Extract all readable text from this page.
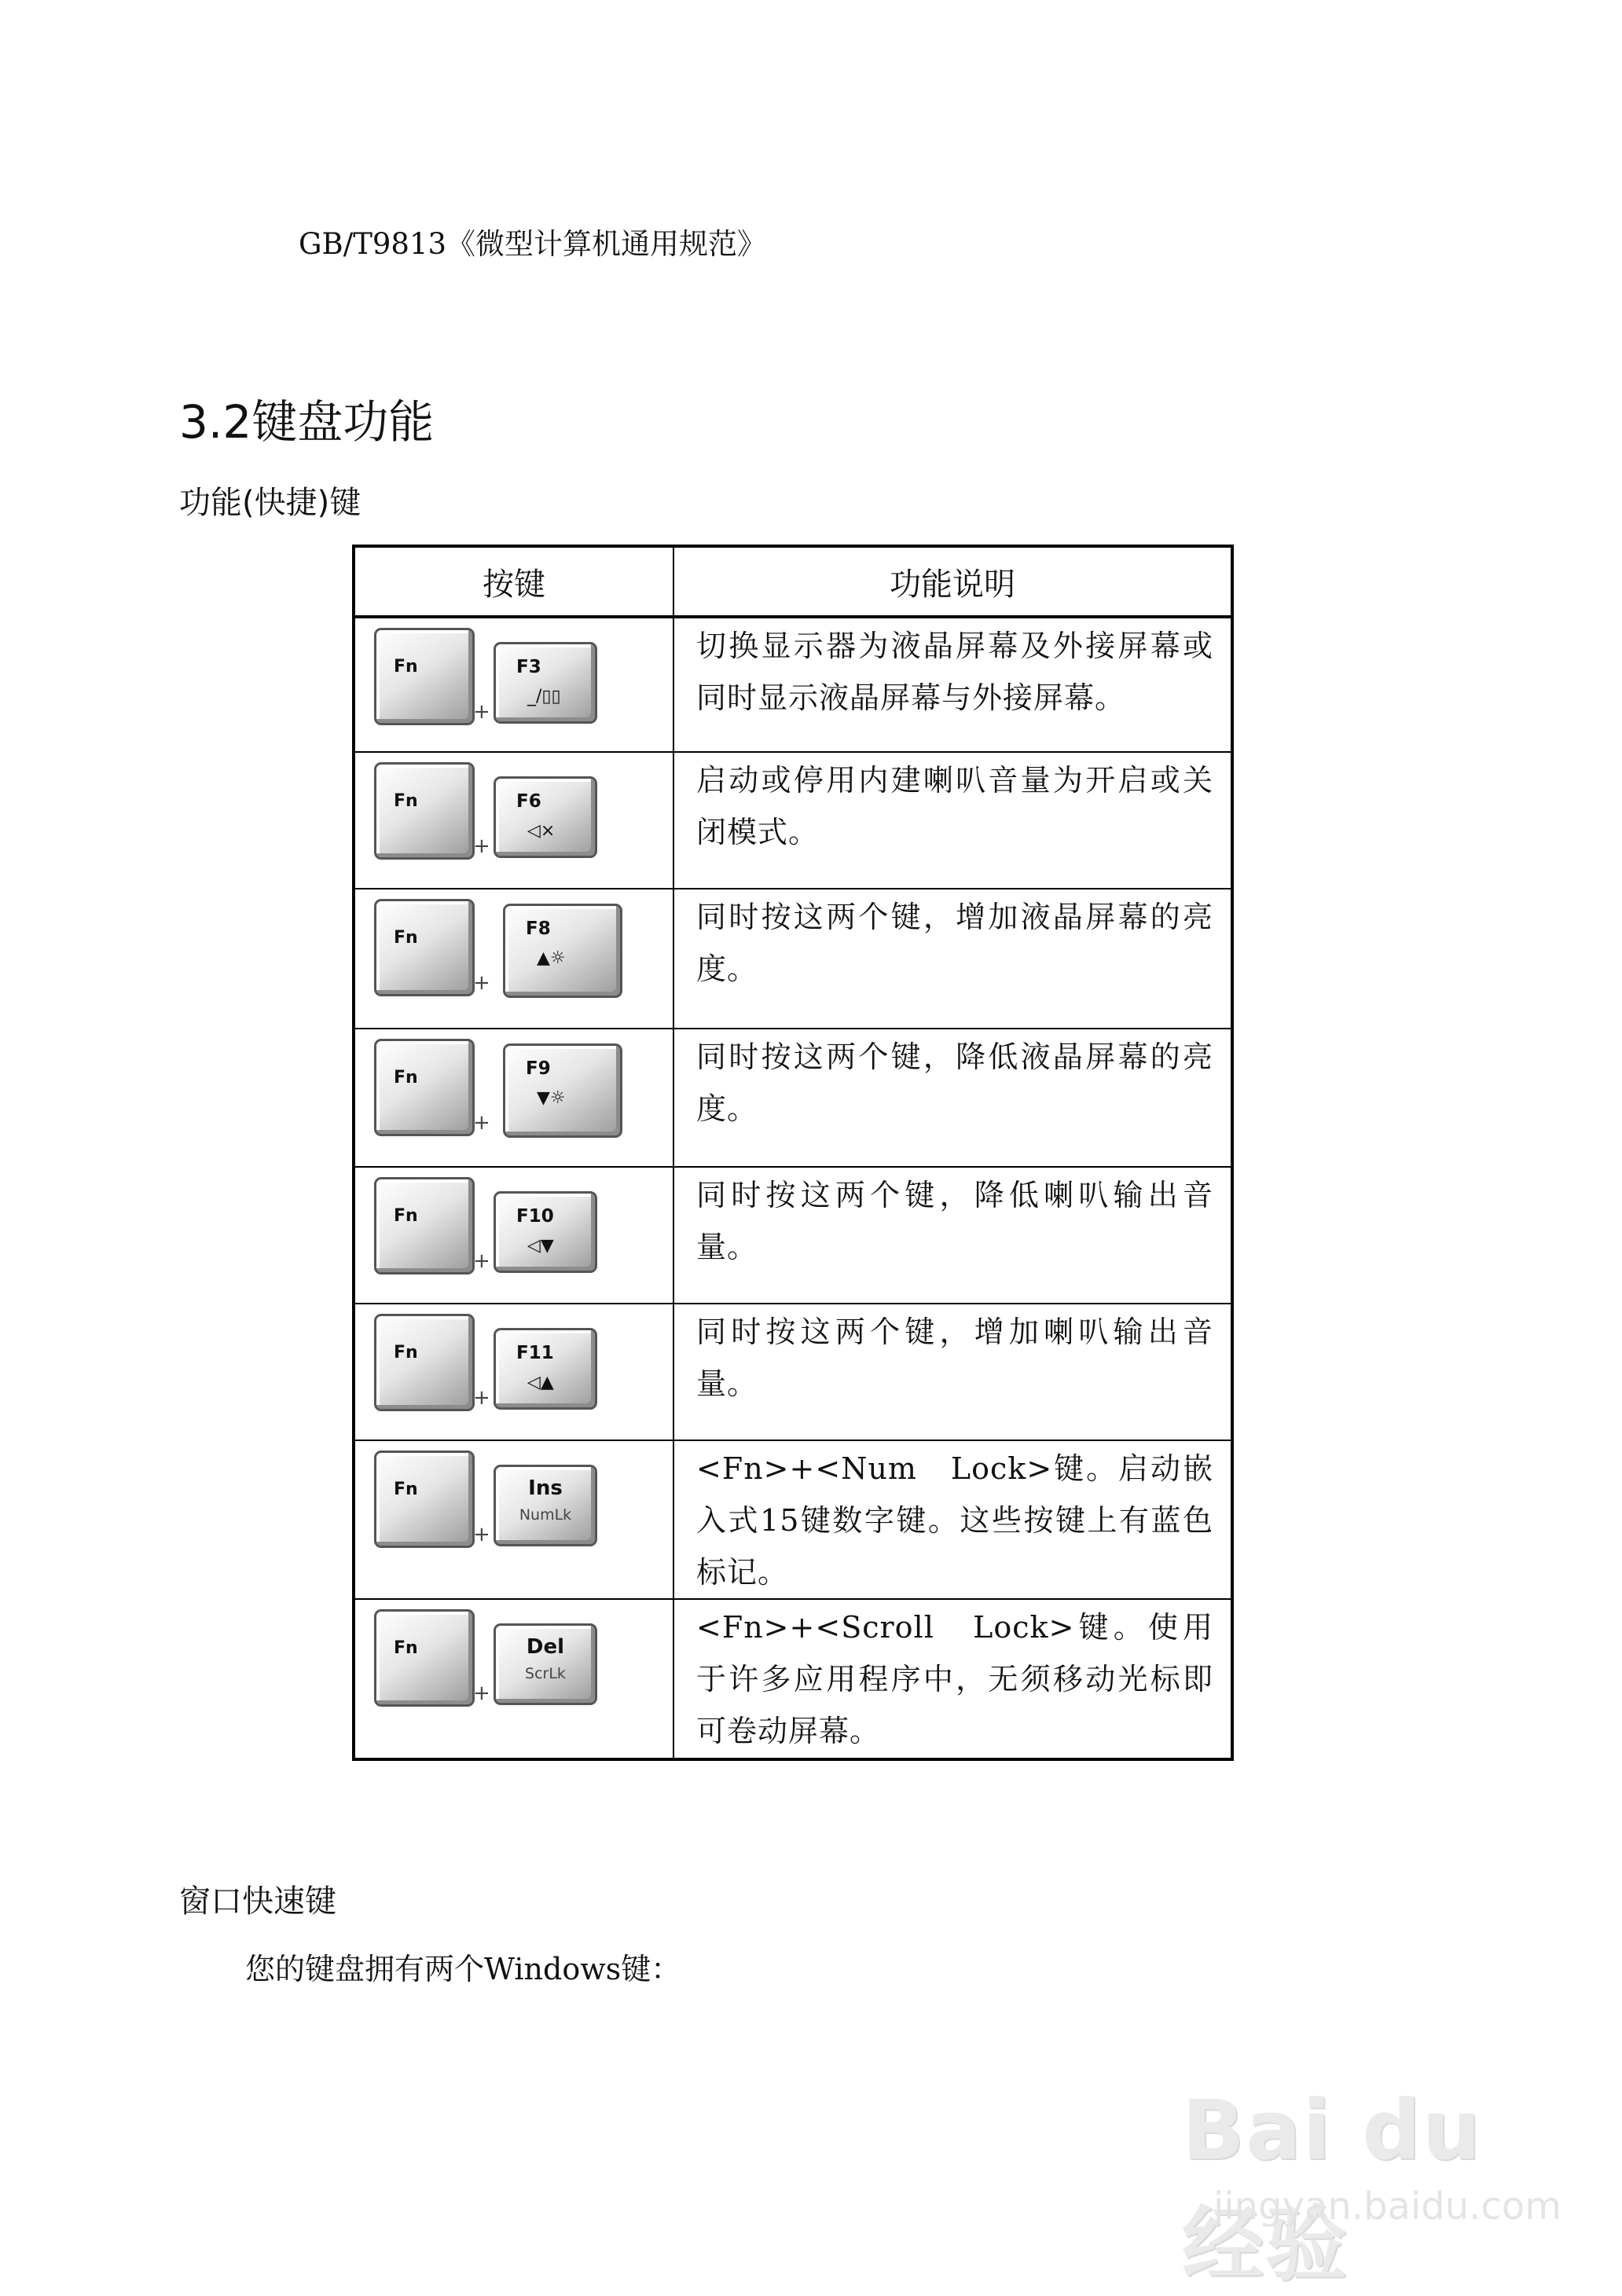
GB/T9813《微型计算机通用规范》
3.2键盘功能
功能(快捷)键
按键	功能说明

Fn
+
F3
_/▯▯	切换显示器为液晶屏幕及外接屏幕或同时显示液晶屏幕与外接屏幕。

Fn
+
F6
◁×	启动或停用内建喇叭音量为开启或关闭模式。

Fn
+
F8
▲☼	同时按这两个键，增加液晶屏幕的亮度。

Fn
+
F9
▼☼	同时按这两个键，降低液晶屏幕的亮度。

Fn
+
F10
◁▼	同时按这两个键，降低喇叭输出音量。

Fn
+
F11
◁▲	同时按这两个键，增加喇叭输出音量。

Fn
+
Ins
NumLk	<Fn>+<Num　Lock>键。启动嵌入式15键数字键。这些按键上有蓝色标记。

Fn
+
Del
ScrLk	<Fn>+<Scroll　Lock>键。使用于许多应用程序中，无须移动光标即可卷动屏幕。
窗口快速键
您的键盘拥有两个Windows键：
Bai du 经验
jingyan.baidu.com
